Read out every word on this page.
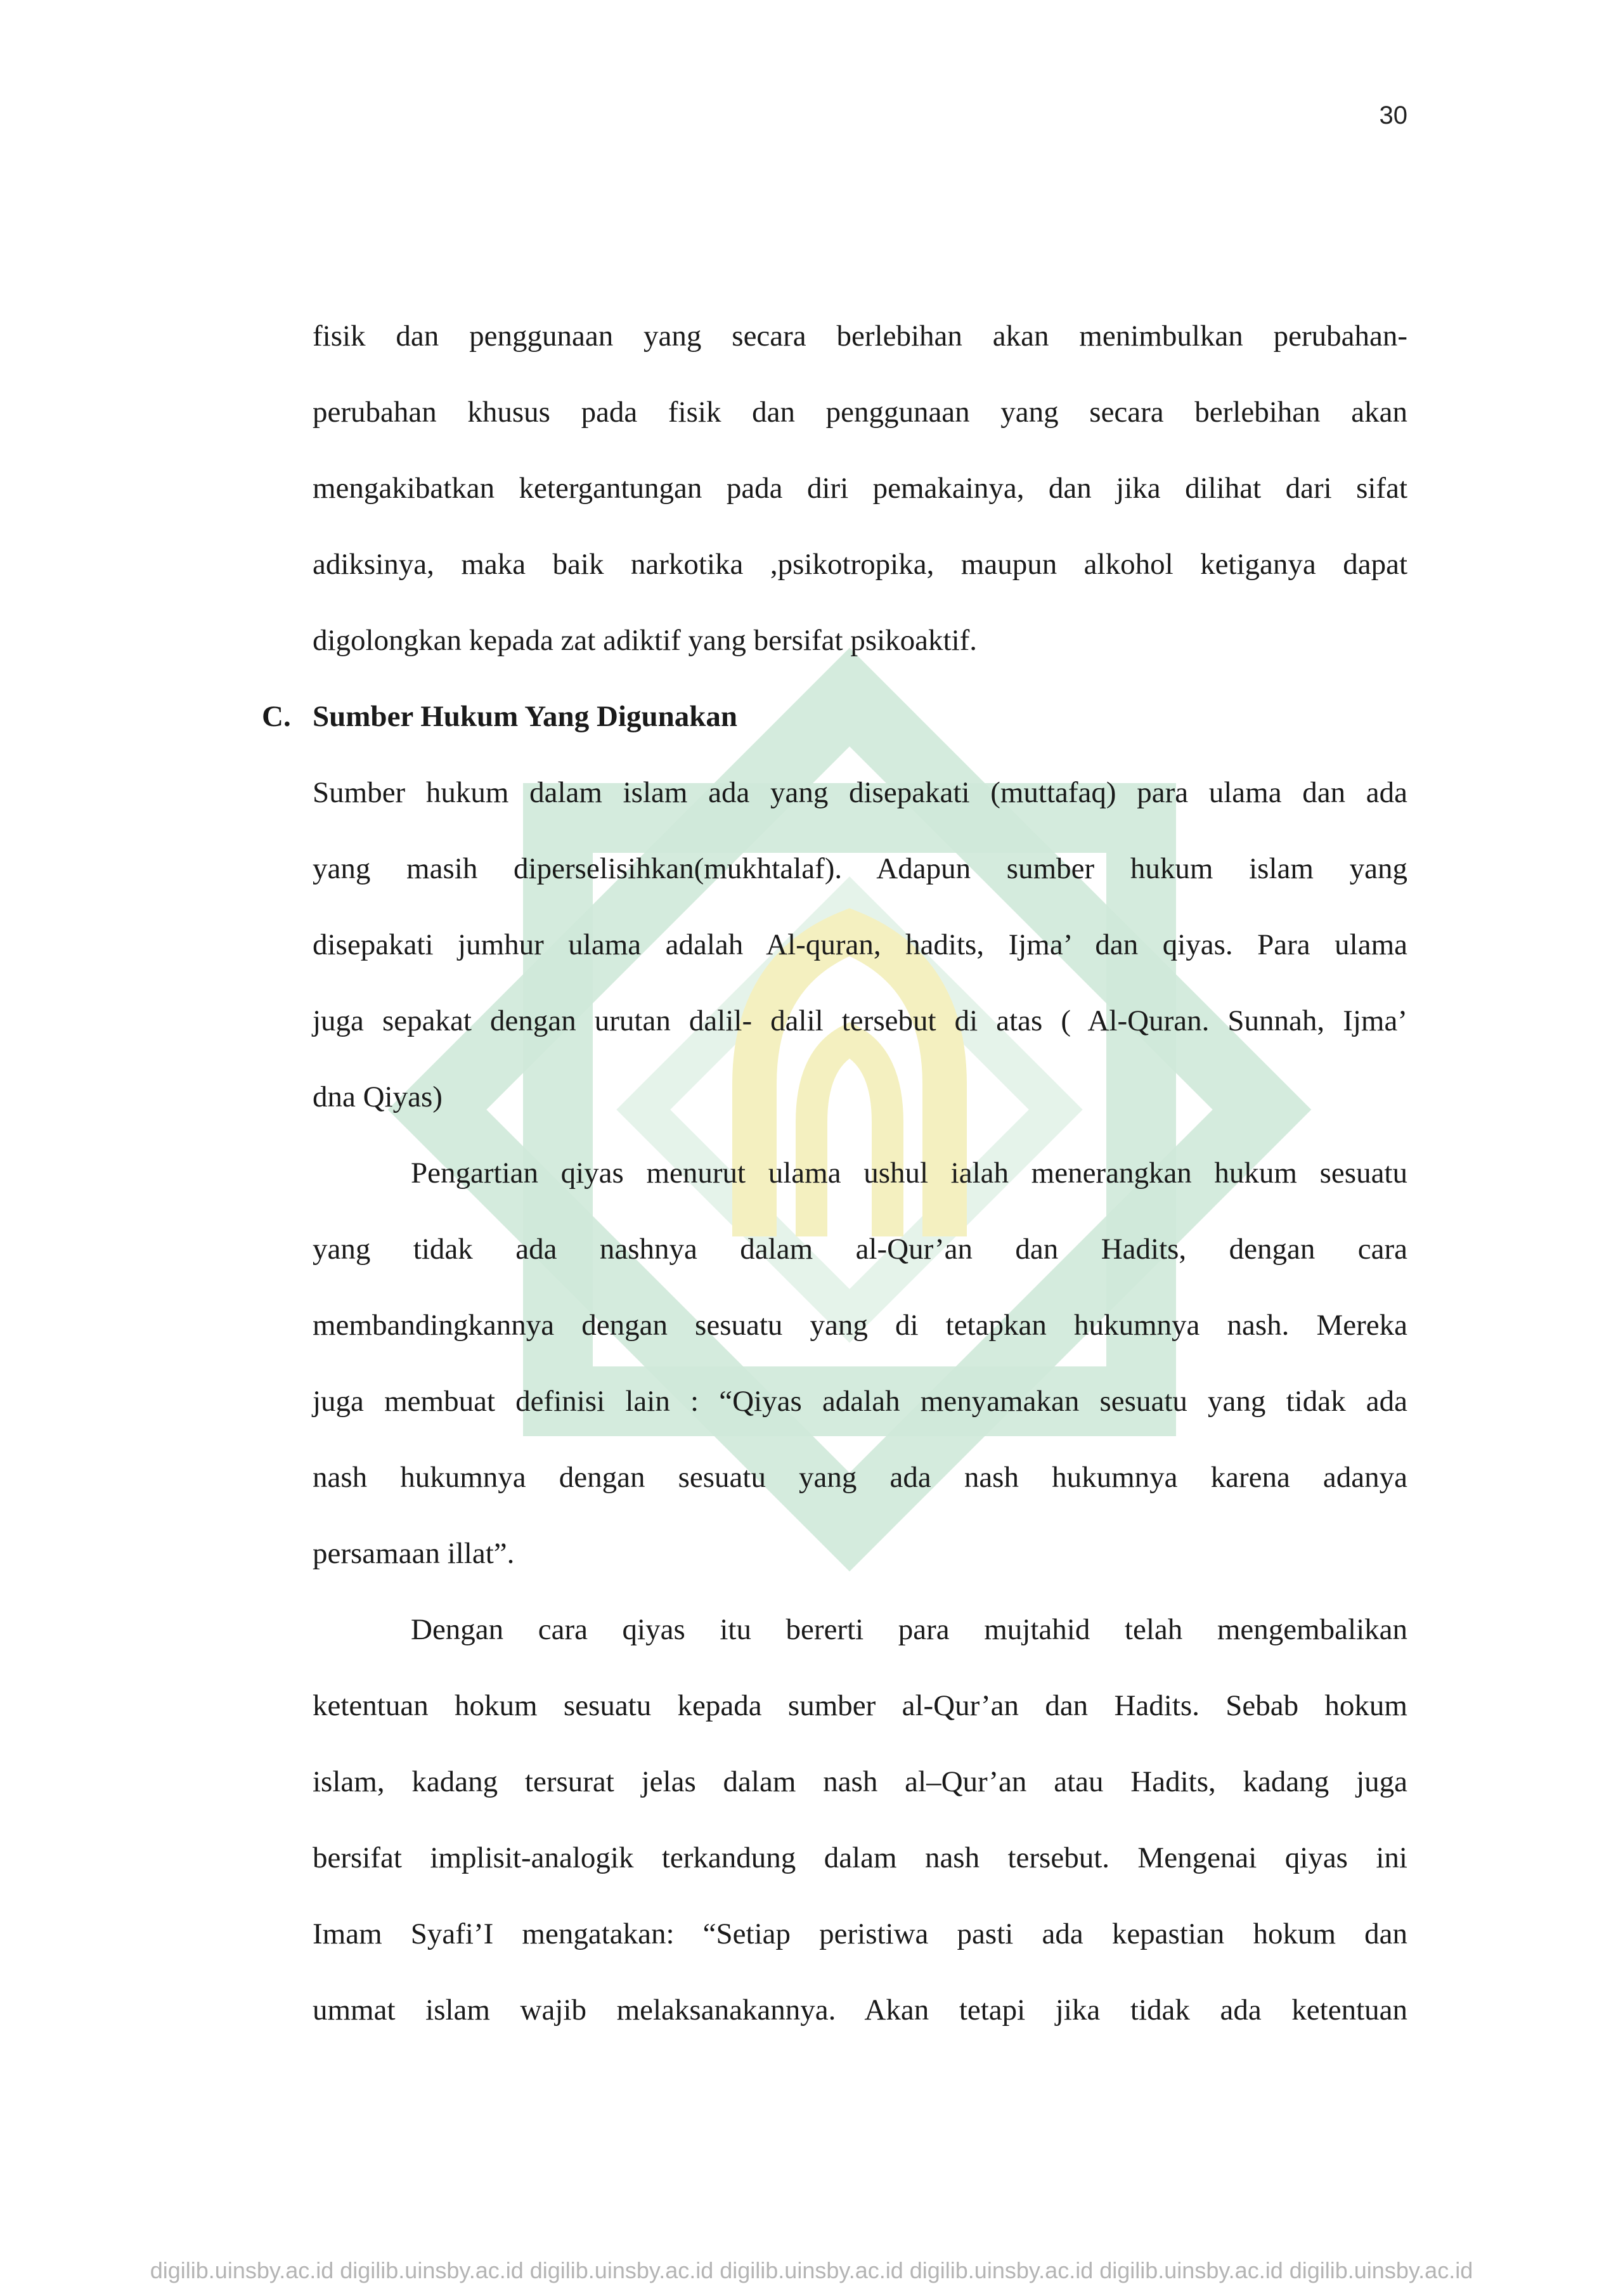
30

fisik dan penggunaan yang secara berlebihan akan menimbulkan perubahan-

perubahan khusus pada fisik dan penggunaan yang secara berlebihan akan

mengakibatkan ketergantungan pada diri pemakainya, dan jika dilihat dari sifat

adiksinya, maka baik narkotika ,psikotropika, maupun alkohol ketiganya dapat

digolongkan kepada zat adiktif yang bersifat psikoaktif.

C. Sumber Hukum Yang Digunakan

Sumber hukum dalam islam ada yang disepakati (muttafaq) para ulama dan ada

yang masih diperselisihkan(mukhtalaf). Adapun sumber hukum islam yang

disepakati jumhur ulama adalah Al-quran, hadits, Ijma’ dan qiyas. Para ulama

juga sepakat dengan urutan dalil- dalil tersebut di atas ( Al-Quran. Sunnah, Ijma’

dna Qiyas)

Pengartian qiyas menurut ulama ushul ialah menerangkan hukum sesuatu

yang tidak ada nashnya dalam al-Qur’an dan Hadits, dengan cara

membandingkannya dengan sesuatu yang di tetapkan hukumnya nash. Mereka

juga membuat definisi lain : “Qiyas adalah menyamakan sesuatu yang tidak ada

nash hukumnya dengan sesuatu yang ada nash hukumnya karena adanya

persamaan illat”.

Dengan cara qiyas itu bererti para mujtahid telah mengembalikan

ketentuan hokum sesuatu kepada sumber al-Qur’an dan Hadits. Sebab hokum

islam, kadang tersurat jelas dalam nash al–Qur’an atau Hadits, kadang juga

bersifat implisit-analogik terkandung dalam nash tersebut. Mengenai qiyas ini

Imam Syafi’I mengatakan: “Setiap peristiwa pasti ada kepastian hokum dan

ummat islam wajib melaksanakannya. Akan tetapi jika tidak ada ketentuan

digilib.uinsby.ac.id digilib.uinsby.ac.id digilib.uinsby.ac.id digilib.uinsby.ac.id digilib.uinsby.ac.id digilib.uinsby.ac.id digilib.uinsby.ac.id
